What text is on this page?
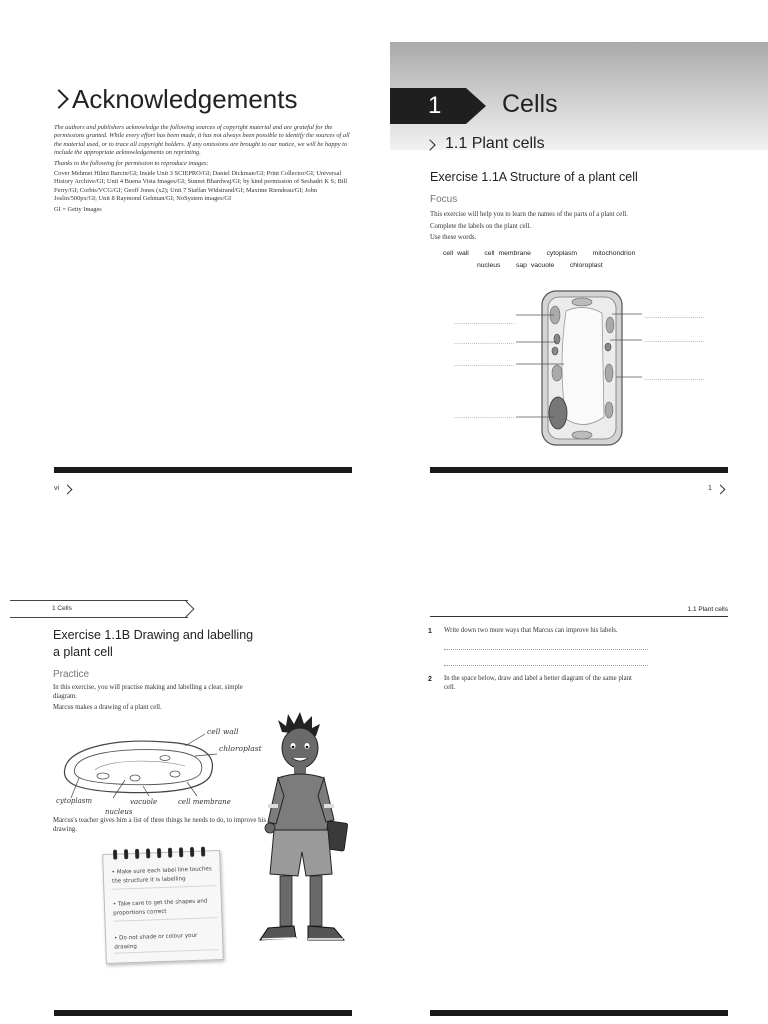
Acknowledgements

The authors and publishers acknowledge the following sources of copyright material and are grateful for the permissions granted. While every effort has been made, it has not always been possible to identify the sources of all the material used, or to trace all copyright holders. If any omissions are brought to our notice, we will be happy to include the appropriate acknowledgements on reprinting.

Thanks to the following for permission to reproduce images:

Cover Mehmet Hilmi Barcin/GI; Inside Unit 3 SCIEPRO/GI; Daniel Dickman/GI; Print Collector/GI; Universal History Archive/GI; Unit 4 Buena Vista Images/GI; Suneet Bhardwaj/GI; by kind permission of Seshadri K S; Bill Ferry/GI; Corbis/VCG/GI; Geoff Jones (x2); Unit 7 Staffan Widstrand/GI; Maxime Riendeau/GI; John Joslin/500px/GI; Unit 8 Raymond Gehman/GI; NoSystem images/GI

GI = Getty Images

vi
1 Cells
1.1 Plant cells
Exercise 1.1A Structure of a plant cell
Focus
This exercise will help you to learn the names of the parts of a plant cell.
Complete the labels on the plant cell.
Use these words.
cell wall cell membrane cytoplasm mitochondrion
nucleus sap vacuole chloroplast
...............................
...............................
...............................
...............................
...............................
...............................
...............................
1
1 Cells
Exercise 1.1B Drawing and labelling
a plant cell
Practice
In this exercise, you will practise making and labelling a clear, simple diagram.
Marcus makes a drawing of a plant cell.
cell wall
chloroplast
cytoplasm	vacuole
nucleus
cell membrane
Marcus's teacher gives him a list of three things he needs to do, to improve his drawing.
• Make sure each label line touches the structure it is labelling
• Take care to get the shapes and proportions correct
• Do not shade or colour your drawing
1.1 Plant cells
1 Write down two more ways that Marcus can improve his labels.
2 In the space below, draw and label a better diagram of the same plant cell.
